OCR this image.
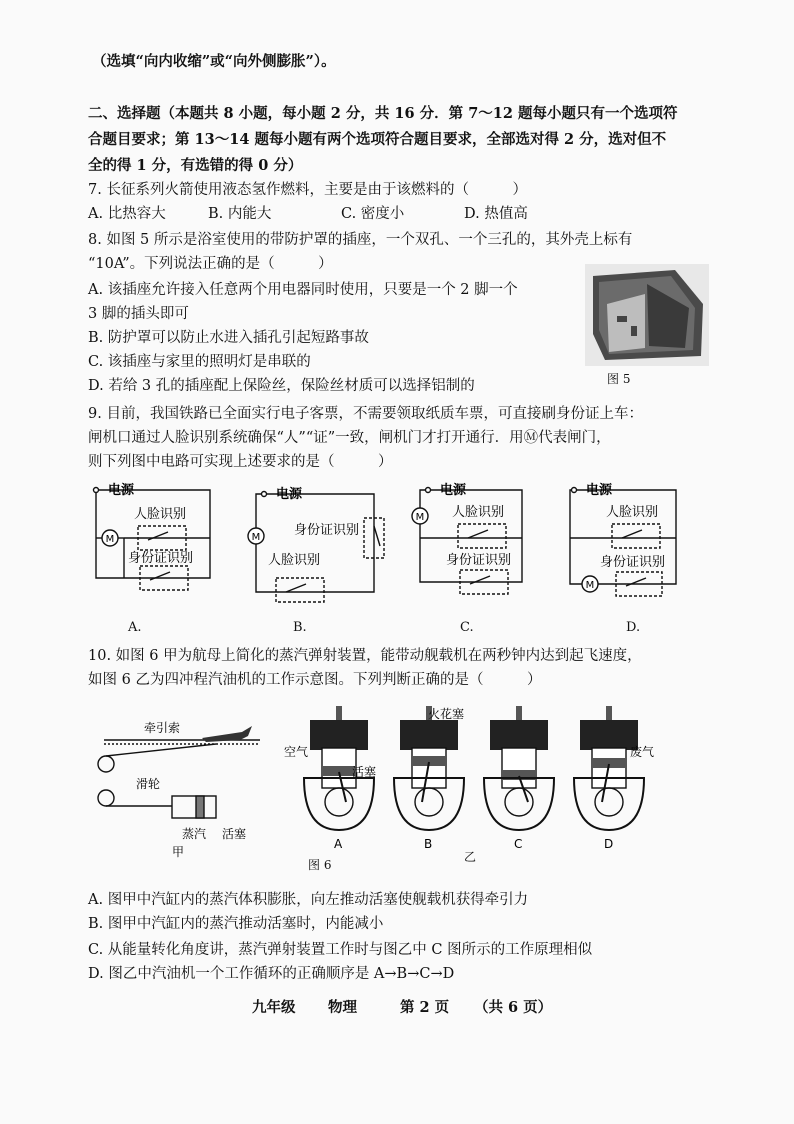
（选填“向内收缩”或“向外侧膨胀”）。
二、选择题（本题共 8 小题，每小题 2 分，共 16 分．第 7～12 题每小题只有一个选项符
合题目要求；第 13～14 题每小题有两个选项符合题目要求，全部选对得 2 分，选对但不
全的得 1 分，有选错的得 0 分）
7. 长征系列火箭使用液态氢作燃料，主要是由于该燃料的（　　　）
A. 比热容大	B. 内能大	C. 密度小	D. 热值高
8. 如图 5 所示是浴室使用的带防护罩的插座，一个双孔、一个三孔的，其外壳上标有
“10A”。下列说法正确的是（　　　）
A. 该插座允许接入任意两个用电器同时使用，只要是一个 2 脚一个
3 脚的插头即可
B. 防护罩可以防止水进入插孔引起短路事故
C. 该插座与家里的照明灯是串联的
D. 若给 3 孔的插座配上保险丝，保险丝材质可以选择铝制的	图 5
9. 目前，我国铁路已全面实行电子客票，不需要领取纸质车票，可直接刷身份证上车：
闸机口通过人脸识别系统确保“人”“证”一致，闸机门才打开通行．用Ⓜ代表闸门，
则下列图中电路可实现上述要求的是（　　　）
M
电源
人脸识别
身份证识别
A.
M
电源
身份证识别
人脸识别
B.
M
电源
人脸识别
身份证识别
C.
M
电源
人脸识别
身份证识别
D.
10. 如图 6 甲为航母上简化的蒸汽弹射装置，能带动舰载机在两秒钟内达到起飞速度，
如图 6 乙为四冲程汽油机的工作示意图。下列判断正确的是（　　　）
牵引索
滑轮
蒸汽 活塞
甲
空气
活塞
火花塞
废气
A	B	C	D
图 6
乙
A. 图甲中汽缸内的蒸汽体积膨胀，向左推动活塞使舰载机获得牵引力
B. 图甲中汽缸内的蒸汽推动活塞时，内能减小
C. 从能量转化角度讲，蒸汽弹射装置工作时与图乙中 C 图所示的工作原理相似
D. 图乙中汽油机一个工作循环的正确顺序是 A→B→C→D
九年级 物理	第 2 页 （共 6 页）
